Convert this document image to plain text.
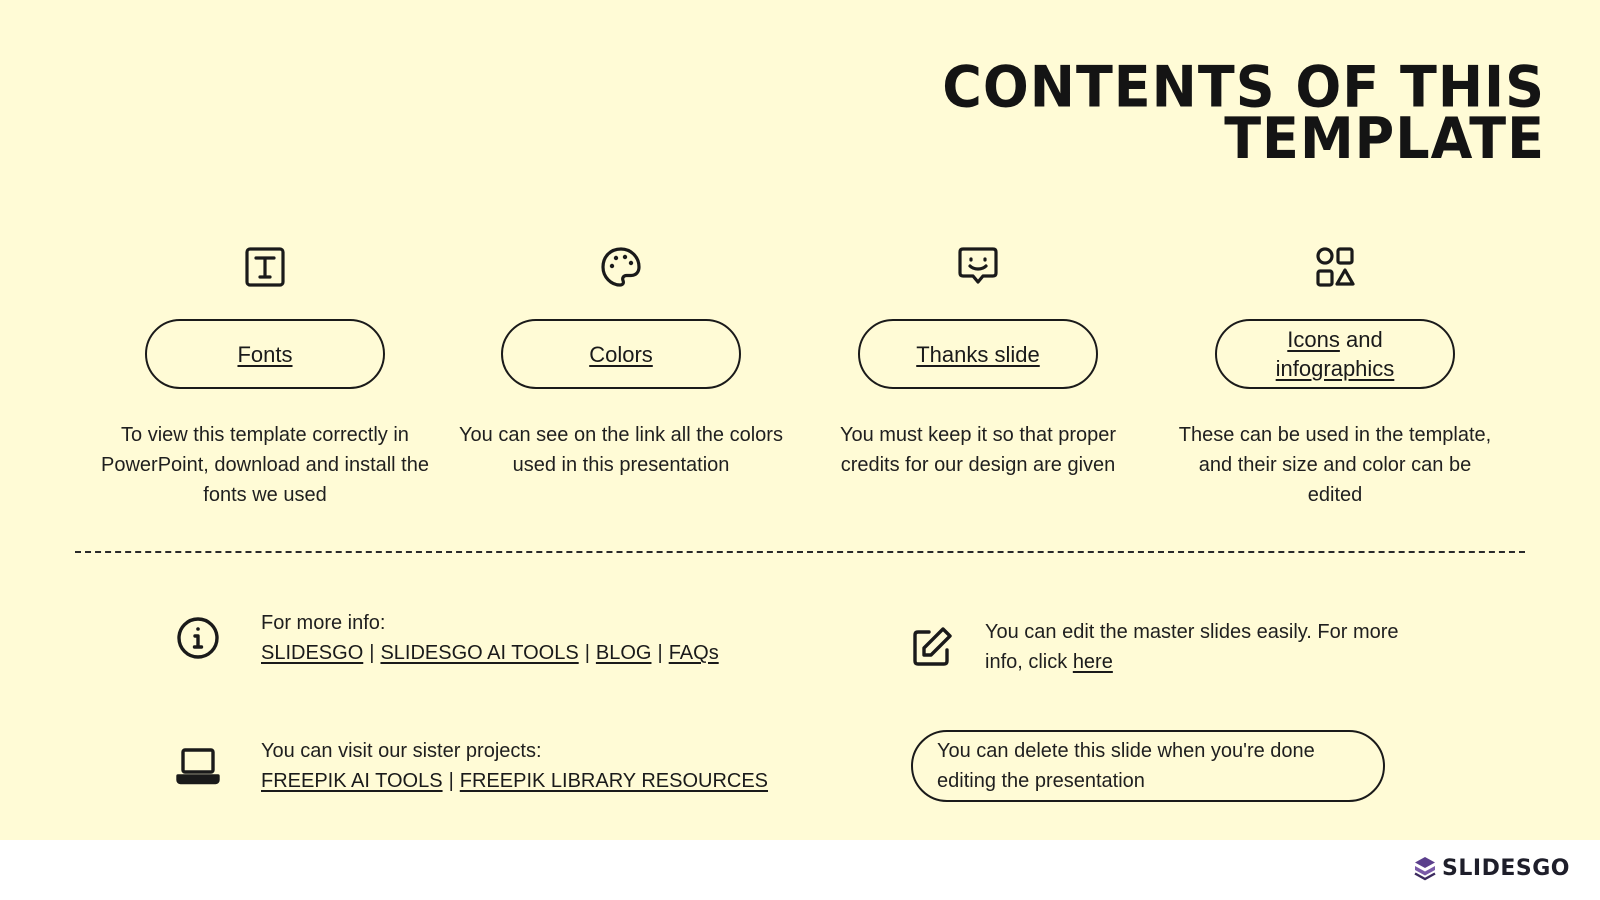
CONTENTS OF THIS
TEMPLATE
Fonts
To view this template correctly in PowerPoint, download and install the fonts we used
Colors
You can see on the link all the colors used in this presentation
Thanks slide
You must keep it so that proper credits for our design are given
Icons and
infographics
These can be used in the template, and their size and color can be edited
For more info:
SLIDESGO | SLIDESGO AI TOOLS | BLOG | FAQs
You can visit our sister projects:
FREEPIK AI TOOLS | FREEPIK LIBRARY RESOURCES
You can edit the master slides easily. For more
info, click here
You can delete this slide when you're done editing the presentation
SLIDESGO
